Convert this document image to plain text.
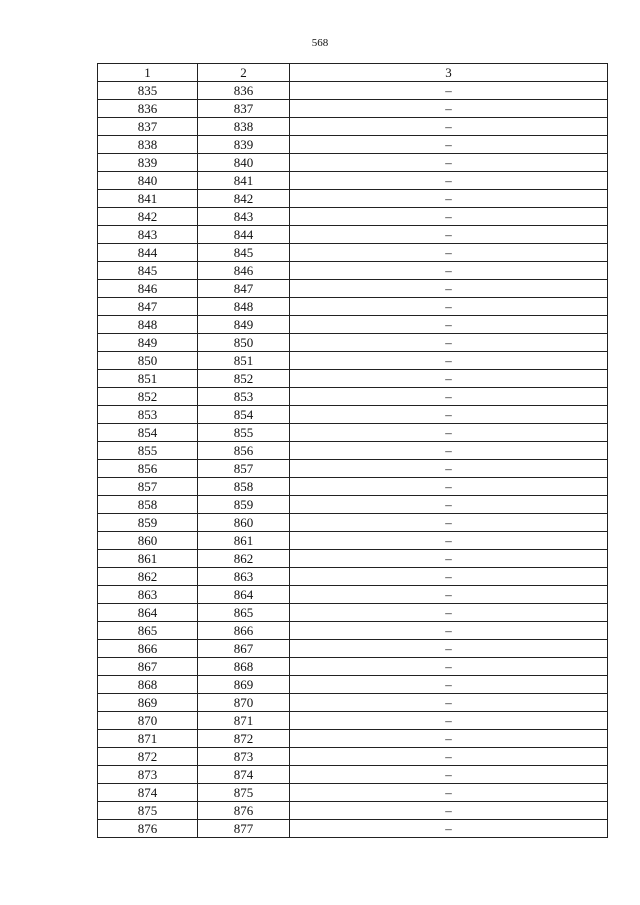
568
1	2	3
835	836	–
836	837	–
837	838	–
838	839	–
839	840	–
840	841	–
841	842	–
842	843	–
843	844	–
844	845	–
845	846	–
846	847	–
847	848	–
848	849	–
849	850	–
850	851	–
851	852	–
852	853	–
853	854	–
854	855	–
855	856	–
856	857	–
857	858	–
858	859	–
859	860	–
860	861	–
861	862	–
862	863	–
863	864	–
864	865	–
865	866	–
866	867	–
867	868	–
868	869	–
869	870	–
870	871	–
871	872	–
872	873	–
873	874	–
874	875	–
875	876	–
876	877	–
